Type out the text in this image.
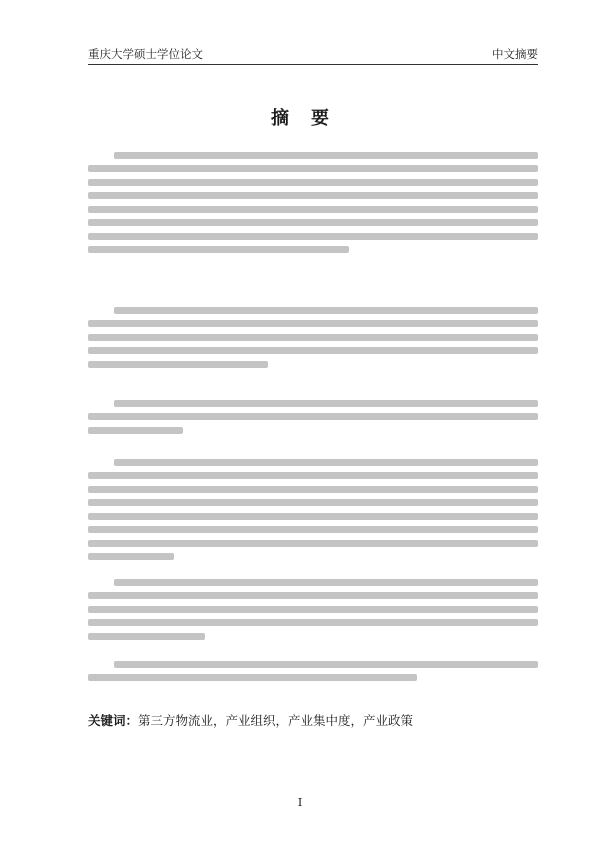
重庆大学硕士学位论文	中文摘要
摘要
关键词：第三方物流业，产业组织，产业集中度，产业政策
I
